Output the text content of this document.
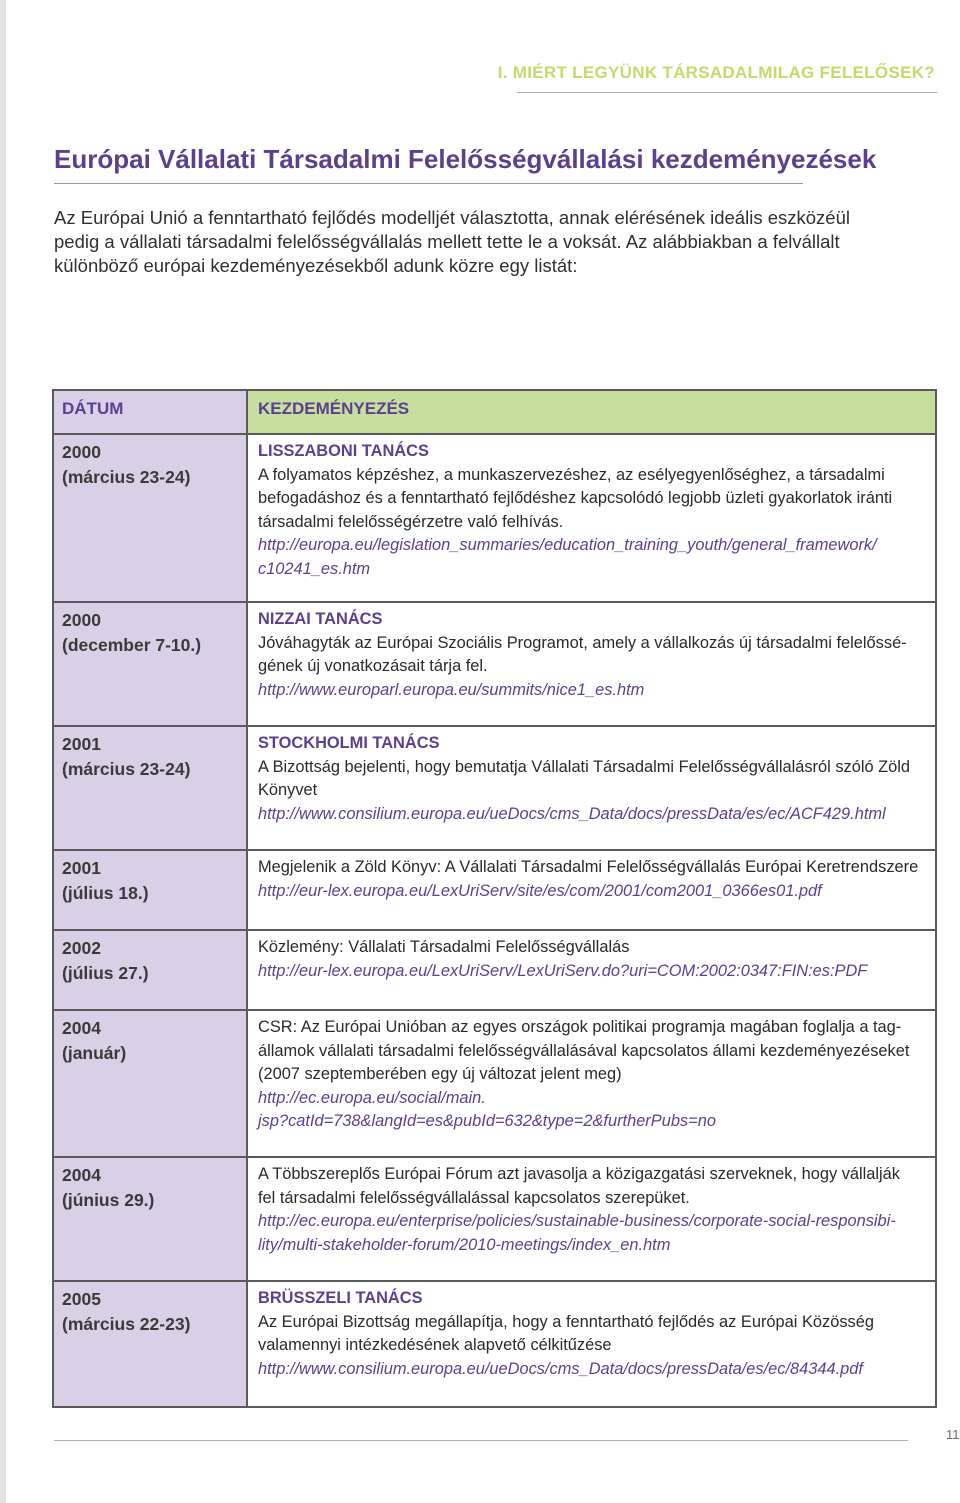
I. MIÉRT LEGYÜNK TÁRSADALMILAG FELELŐSEK?
Európai Vállalati Társadalmi Felelősségvállalási kezdeményezések

Az Európai Unió a fenntartható fejlődés modelljét választotta, annak elérésének ideális eszközéül
pedig a vállalati társadalmi felelősségvállalás mellett tette le a voksát. Az alábbiakban a felvállalt
különböző európai kezdeményezésekből adunk közre egy listát:

DÁTUM	KEZDEMÉNYEZÉS
2000
(március 23-24)
LISSZABONI TANÁCS
A folyamatos képzéshez, a munkaszervezéshez, az esélyegyenlőséghez, a társadalmi
befogadáshoz és a fenntartható fejlődéshez kapcsolódó legjobb üzleti gyakorlatok iránti
társadalmi felelősségérzetre való felhívás.
http://europa.eu/legislation_summaries/education_training_youth/general_framework/
c10241_es.htm
2000
(december 7-10.)
NIZZAI TANÁCS
Jóváhagyták az Európai Szociális Programot, amely a vállalkozás új társadalmi felelőssé-
gének új vonatkozásait tárja fel.
http://www.europarl.europa.eu/summits/nice1_es.htm
2001
(március 23-24)
STOCKHOLMI TANÁCS
A Bizottság bejelenti, hogy bemutatja Vállalati Társadalmi Felelősségvállalásról szóló Zöld
Könyvet
http://www.consilium.europa.eu/ueDocs/cms_Data/docs/pressData/es/ec/ACF429.html
2001
(július 18.)
Megjelenik a Zöld Könyv: A Vállalati Társadalmi Felelősségvállalás Európai Keretrendszere
http://eur-lex.europa.eu/LexUriServ/site/es/com/2001/com2001_0366es01.pdf
2002
(július 27.)
Közlemény: Vállalati Társadalmi Felelősségvállalás
http://eur-lex.europa.eu/LexUriServ/LexUriServ.do?uri=COM:2002:0347:FIN:es:PDF
2004
(január)
CSR: Az Európai Unióban az egyes országok politikai programja magában foglalja a tag-
államok vállalati társadalmi felelősségvállalásával kapcsolatos állami kezdeményezéseket
(2007 szeptemberében egy új változat jelent meg)
http://ec.europa.eu/social/main.
jsp?catId=738&langId=es&pubId=632&type=2&furtherPubs=no
2004
(június 29.)
A Többszereplős Európai Fórum azt javasolja a közigazgatási szerveknek, hogy vállalják
fel társadalmi felelősségvállalással kapcsolatos szerepüket.
http://ec.europa.eu/enterprise/policies/sustainable-business/corporate-social-responsibi-
lity/multi-stakeholder-forum/2010-meetings/index_en.htm
2005
(március 22-23)
BRÜSSZELI TANÁCS
Az Európai Bizottság megállapítja, hogy a fenntartható fejlődés az Európai Közösség
valamennyi intézkedésének alapvető célkitűzése
http://www.consilium.europa.eu/ueDocs/cms_Data/docs/pressData/es/ec/84344.pdf
11
